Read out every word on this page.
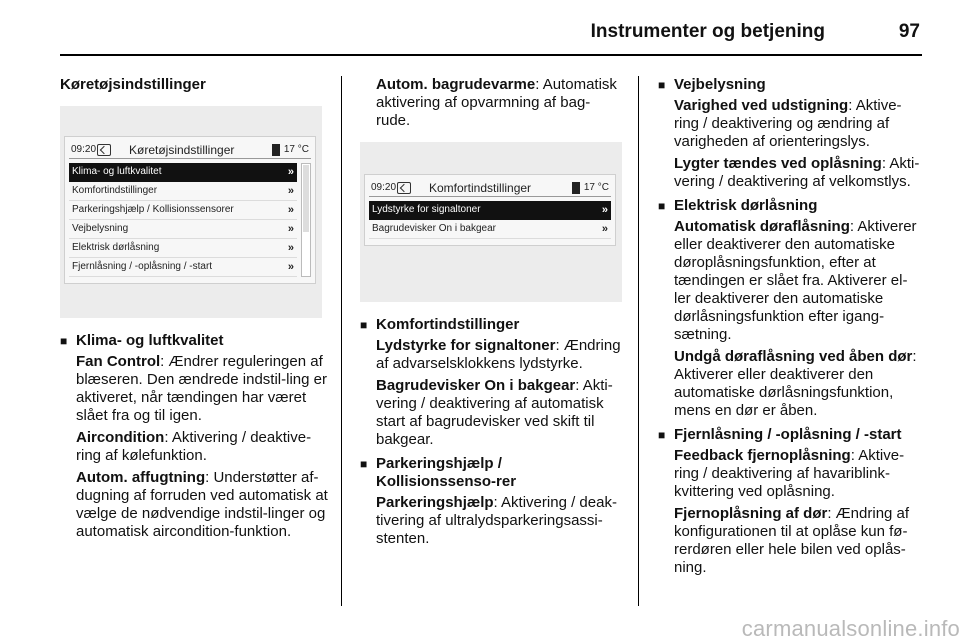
Instrumenter og betjening	97
Køretøjsindstillinger
09:20	Køretøjsindstillinger	17 °C
Klima- og luftkvalitet	»
Komfortindstillinger	»
Parkeringshjælp / Kollisionssensorer	»
Vejbelysning	»
Elektrisk dørlåsning	»
Fjernlåsning / -oplåsning / -start	»
■ Klima- og luftkvalitet

Fan Control: Ændrer reguleringen af blæseren. Den ændrede indstil-ling er aktiveret, når tændingen har været slået fra og til igen.

Aircondition: Aktivering / deaktive-ring af kølefunktion.

Autom. affugtning: Understøtter af-dugning af forruden ved automatisk at vælge de nødvendige indstil-linger og automatisk aircondition-funktion.

Autom. bagrudevarme: Automatisk aktivering af opvarmning af bag-rude.

09:20	Komfortindstillinger	17 °C
Lydstyrke for signaltoner	»
Bagrudevisker On i bakgear	»
■ Komfortindstillinger

Lydstyrke for signaltoner: Ændring af advarselsklokkens lydstyrke.

Bagrudevisker On i bakgear: Akti-vering / deaktivering af automatisk start af bagrudevisker ved skift til bakgear.

■ Parkeringshjælp / Kollisionssenso-rer

Parkeringshjælp: Aktivering / deak-tivering af ultralydsparkeringsassi-stenten.

■ Vejbelysning

Varighed ved udstigning: Aktive-ring / deaktivering og ændring af varigheden af orienteringslys.

Lygter tændes ved oplåsning: Akti-vering / deaktivering af velkomstlys.

■ Elektrisk dørlåsning

Automatisk døraflåsning: Aktiverer eller deaktiverer den automatiske døroplåsningsfunktion, efter at tændingen er slået fra. Aktiverer el-ler deaktiverer den automatiske dørlåsningsfunktion efter igang-sætning.

Undgå døraflåsning ved åben dør: Aktiverer eller deaktiverer den automatiske dørlåsningsfunktion, mens en dør er åben.

■ Fjernlåsning / -oplåsning / -start

Feedback fjernoplåsning: Aktive-ring / deaktivering af havariblink-kvittering ved oplåsning.

Fjernoplåsning af dør: Ændring af konfigurationen til at oplåse kun fø-rerdøren eller hele bilen ved oplås-ning.

carmanualsonline.info
